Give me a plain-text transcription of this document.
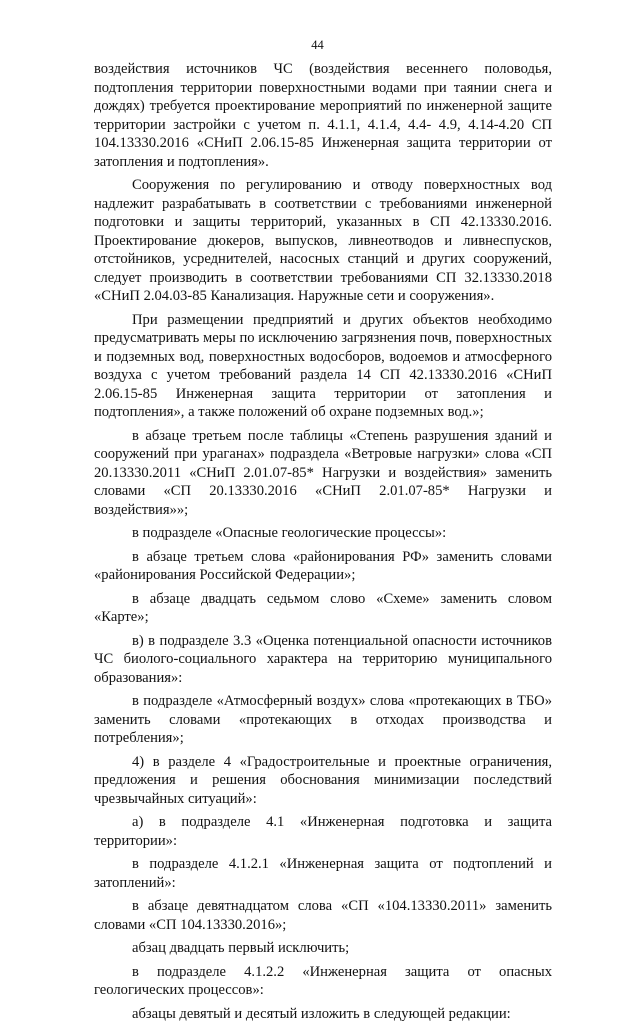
44

воздействия источников ЧС (воздействия весеннего половодья, подтопления территории поверхностными водами при таянии снега и дождях) требуется проектирование мероприятий по инженерной защите территории застройки с учетом п. 4.1.1, 4.1.4, 4.4- 4.9, 4.14-4.20 СП 104.13330.2016 «СНиП 2.06.15-85 Инженерная защита территории от затопления и подтопления».

Сооружения по регулированию и отводу поверхностных вод надлежит разрабатывать в соответствии с требованиями инженерной подготовки и защиты территорий, указанных в СП 42.13330.2016. Проектирование дюкеров, выпусков, ливнеотводов и ливнеспусков, отстойников, усреднителей, насосных станций и других сооружений, следует производить в соответствии требованиями СП 32.13330.2018 «СНиП 2.04.03-85 Канализация. Наружные сети и сооружения».

При размещении предприятий и других объектов необходимо предусматривать меры по исключению загрязнения почв, поверхностных и подземных вод, поверхностных водосборов, водоемов и атмосферного воздуха с учетом требований раздела 14 СП 42.13330.2016 «СНиП 2.06.15-85 Инженерная защита территории от затопления и подтопления», а также положений об охране подземных вод.»;

в абзаце третьем после таблицы «Степень разрушения зданий и сооружений при ураганах» подраздела «Ветровые нагрузки» слова «СП 20.13330.2011 «СНиП 2.01.07-85* Нагрузки и воздействия» заменить словами «СП 20.13330.2016 «СНиП 2.01.07-85* Нагрузки и воздействия»»;

в подразделе «Опасные геологические процессы»:

в абзаце третьем слова «районирования РФ» заменить словами «районирования Российской Федерации»;

в абзаце двадцать седьмом слово «Схеме» заменить словом «Карте»;

в) в подразделе 3.3 «Оценка потенциальной опасности источников ЧС биолого-социального характера на территорию муниципального образования»:

в подразделе «Атмосферный воздух» слова «протекающих в ТБО» заменить словами «протекающих в отходах производства и потребления»;

4) в разделе 4 «Градостроительные и проектные ограничения, предложения и решения обоснования минимизации последствий чрезвычайных ситуаций»:

а) в подразделе 4.1 «Инженерная подготовка и защита территории»:

в подразделе 4.1.2.1 «Инженерная защита от подтоплений и затоплений»:

в абзаце девятнадцатом слова «СП «104.13330.2011» заменить словами «СП 104.13330.2016»;

абзац двадцать первый исключить;

в подразделе 4.1.2.2 «Инженерная защита от опасных геологических процессов»:

абзацы девятый и десятый изложить в следующей редакции:
